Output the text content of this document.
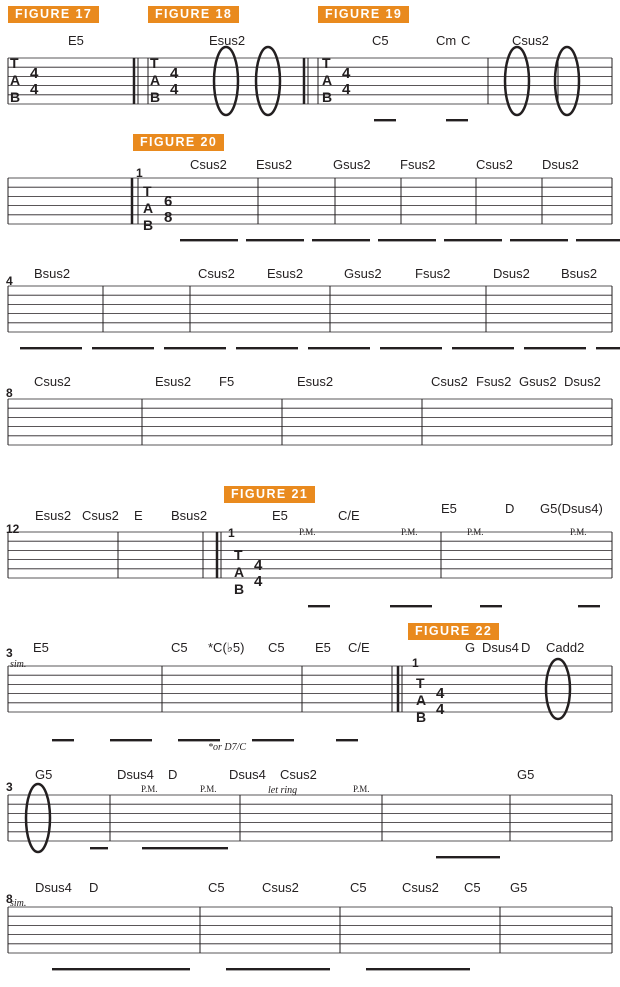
FIGURE 17	FIGURE 18	FIGURE 19
FIGURE 20
FIGURE 21
FIGURE 22
1
4
8
12	1
3
1
3
8
E5	Esus2	C5	Cm C	Csus2
Csus2 Esus2	Gsus2 Fsus2	Csus2 Dsus2
Bsus2	Csus2 Esus2	Gsus2	Fsus2	Dsus2 Bsus2
Csus2	Esus2 F5	Esus2	Csus2 Fsus2 Gsus2 Dsus2
Esus2 Csus2 E Bsus2	E5	C/E	E5	D G5(Dsus4)
E5	C5 *C(♭5) C5 E5 C/E	G Dsus4 D Cadd2
G5	Dsus4 D	Dsus4 Csus2	G5
Dsus4 D	C5	Csus2	C5	Csus2 C5 G5
sim.
sim.
*or D7/C
let ring
P.M.	P.M.	P.M.	P.M.
P.M.	P.M.	P.M.
T
A
B
4
4
T
A
B
4
4
T
A
B
4
4
T
A
B
6
8
T
A
B
4
4
T
A
B
4
4
